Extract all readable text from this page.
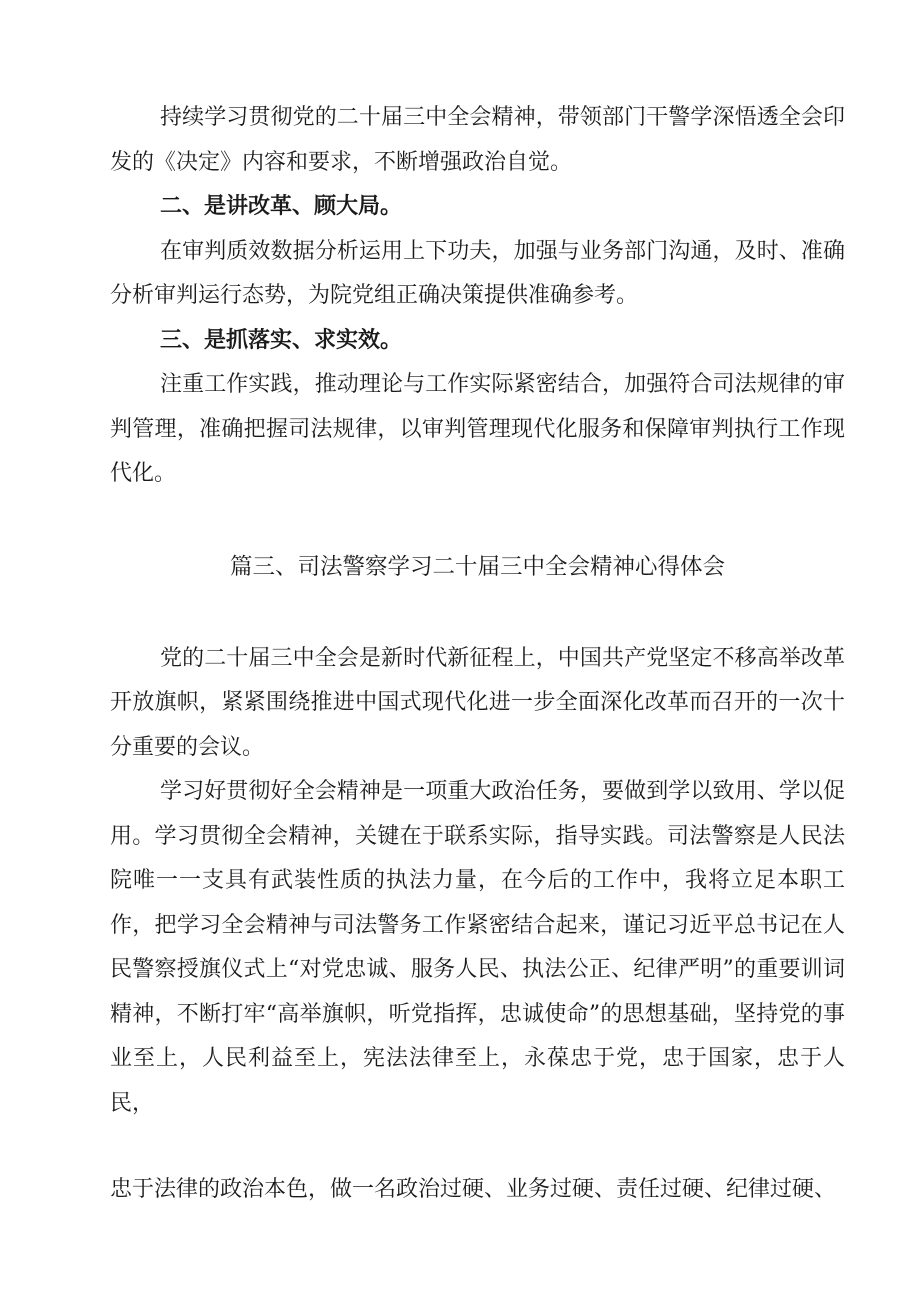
持续学习贯彻党的二十届三中全会精神，带领部门干警学深悟透全会印发的《决定》内容和要求，不断增强政治自觉。

二、是讲改革、顾大局。

在审判质效数据分析运用上下功夫，加强与业务部门沟通，及时、准确分析审判运行态势，为院党组正确决策提供准确参考。

三、是抓落实、求实效。

注重工作实践，推动理论与工作实际紧密结合，加强符合司法规律的审判管理，准确把握司法规律，以审判管理现代化服务和保障审判执行工作现代化。

篇三、司法警察学习二十届三中全会精神心得体会

党的二十届三中全会是新时代新征程上，中国共产党坚定不移高举改革开放旗帜，紧紧围绕推进中国式现代化进一步全面深化改革而召开的一次十分重要的会议。

学习好贯彻好全会精神是一项重大政治任务，要做到学以致用、学以促用。学习贯彻全会精神，关键在于联系实际，指导实践。司法警察是人民法院唯一一支具有武装性质的执法力量，在今后的工作中，我将立足本职工作，把学习全会精神与司法警务工作紧密结合起来，谨记习近平总书记在人民警察授旗仪式上“对党忠诚、服务人民、执法公正、纪律严明”的重要训词精神，不断打牢“高举旗帜，听党指挥，忠诚使命”的思想基础，坚持党的事业至上，人民利益至上，宪法法律至上，永葆忠于党，忠于国家，忠于人民，

忠于法律的政治本色，做一名政治过硬、业务过硬、责任过硬、纪律过硬、
